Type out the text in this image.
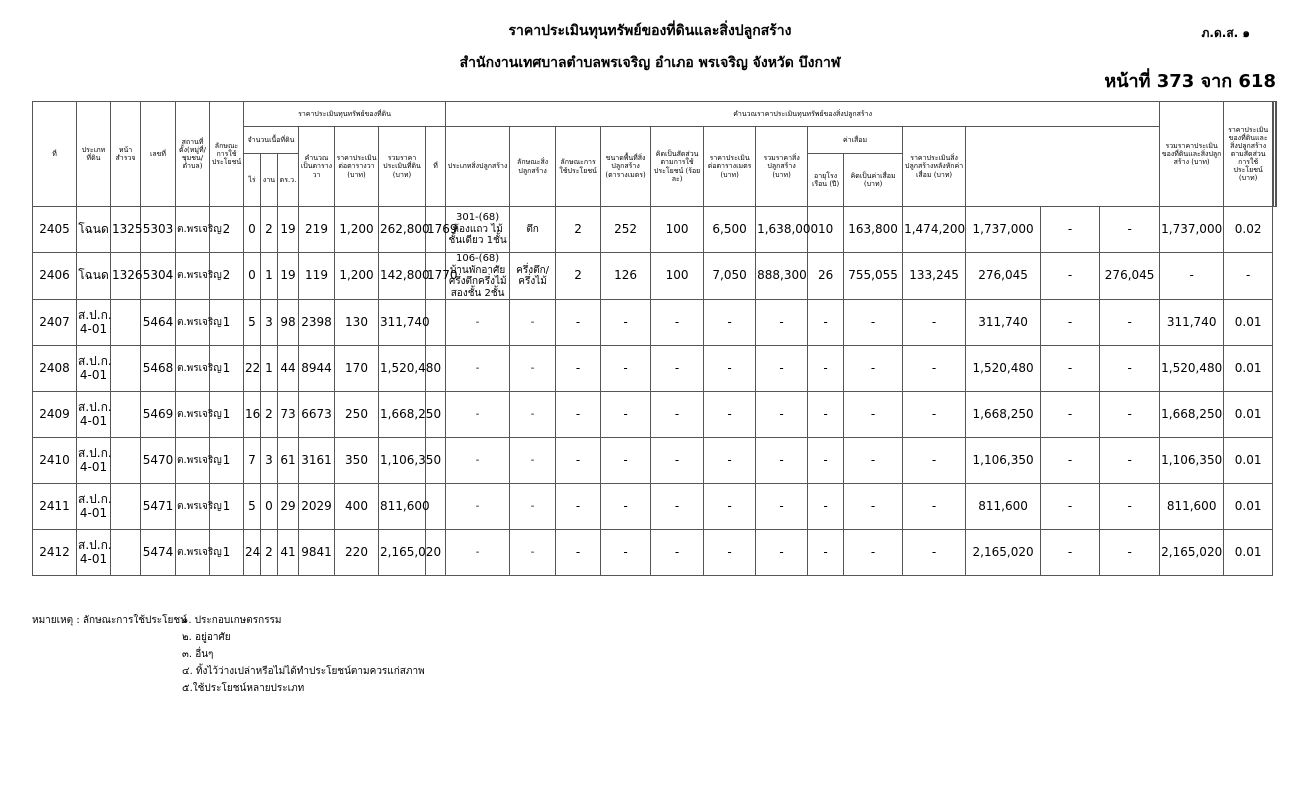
ราคาประเมินทุนทรัพย์ของที่ดินและสิ่งปลูกสร้าง	ภ.ด.ส. ๑
สำนักงานเทศบาลตำบลพรเจริญ อำเภอ พรเจริญ จังหวัด บึงกาฬ
หน้าที่ 373 จาก 618
ที่	ประเภทที่ดิน	หน้าสำรวจ	เลขที่	สถานที่ตั้ง(หมู่ที่/ชุมชน/ตำบล)	ลักษณะการใช้ประโยชน์	ราคาประเมินทุนทรัพย์ของที่ดิน							คำนวณราคาประเมินทุนทรัพย์ของสิ่งปลูกสร้าง													รวมราคาประเมินของที่ดินและสิ่งปลูกสร้าง (บาท)	ราคาประเมินของที่ดินและสิ่งปลูกสร้างตามสัดส่วนการใช้ประโยชน์ (บาท)			
						จำนวนเนื้อที่ดิน			คำนวณเป็นตารางวา	ราคาประเมินต่อตารางวา (บาท)	รวมราคาประเมินที่ดิน (บาท)	ที่	ประเภทสิ่งปลูกสร้าง	ลักษณะสิ่งปลูกสร้าง	ลักษณะการใช้ประโยชน์	ขนาดพื้นที่สิ่งปลูกสร้าง (ตารางเมตร)	คิดเป็นสัดส่วนตามการใช้ประโยชน์ (ร้อยละ)	ราคาประเมินต่อตารางเมตร (บาท)	รวมราคาสิ่งปลูกสร้าง (บาท)	ค่าเสื่อม		ราคาประเมินสิ่งปลูกสร้างหลังหักค่าเสื่อม (บาท)							
						ไร่	งาน	ตร.ว.												อายุโรงเรือน (ปี)	คิดเป็นค่าเสื่อม (บาท)								
2405	โฉนด	1325	5303	ต.พรเจริญ	2	0	2	19	219	1,200	262,800	1769	301-(68) ห้องแถว ไม้ชั้นเดียว 1ชั้น	ตึก	2	252	100	6,500	1,638,000	10	163,800	1,474,200	1,737,000	-	-	1,737,000	0.02		
2406	โฉนด	1326	5304	ต.พรเจริญ	2	0	1	19	119	1,200	142,800	1770	106-(68) บ้านพักอาศัยครึ่งตึกครึ่งไม้สองชั้น 2ชั้น	ครึ่งตึก/ครึ่งไม้	2	126	100	7,050	888,300	26	755,055	133,245	276,045	-	276,045	-	-		
2407	ส.ป.ก. 4-01		5464	ต.พรเจริญ	1	5	3	98	2398	130	311,740		-	-	-	-	-	-	-	-	-	-	311,740	-	-	311,740	0.01		
2408	ส.ป.ก. 4-01		5468	ต.พรเจริญ	1	22	1	44	8944	170	1,520,480		-	-	-	-	-	-	-	-	-	-	1,520,480	-	-	1,520,480	0.01		
2409	ส.ป.ก. 4-01		5469	ต.พรเจริญ	1	16	2	73	6673	250	1,668,250		-	-	-	-	-	-	-	-	-	-	1,668,250	-	-	1,668,250	0.01		
2410	ส.ป.ก. 4-01		5470	ต.พรเจริญ	1	7	3	61	3161	350	1,106,350		-	-	-	-	-	-	-	-	-	-	1,106,350	-	-	1,106,350	0.01		
2411	ส.ป.ก. 4-01		5471	ต.พรเจริญ	1	5	0	29	2029	400	811,600		-	-	-	-	-	-	-	-	-	-	811,600	-	-	811,600	0.01		
2412	ส.ป.ก. 4-01		5474	ต.พรเจริญ	1	24	2	41	9841	220	2,165,020		-	-	-	-	-	-	-	-	-	-	2,165,020	-	-	2,165,020	0.01		
หมายเหตุ : ลักษณะการใช้ประโยชน์
๑. ประกอบเกษตรกรรม
๒. อยู่อาศัย
๓. อื่นๆ
๔. ทิ้งไว้ว่างเปล่าหรือไม่ได้ทำประโยชน์ตามควรแก่สภาพ
๕.ใช้ประโยชน์หลายประเภท
